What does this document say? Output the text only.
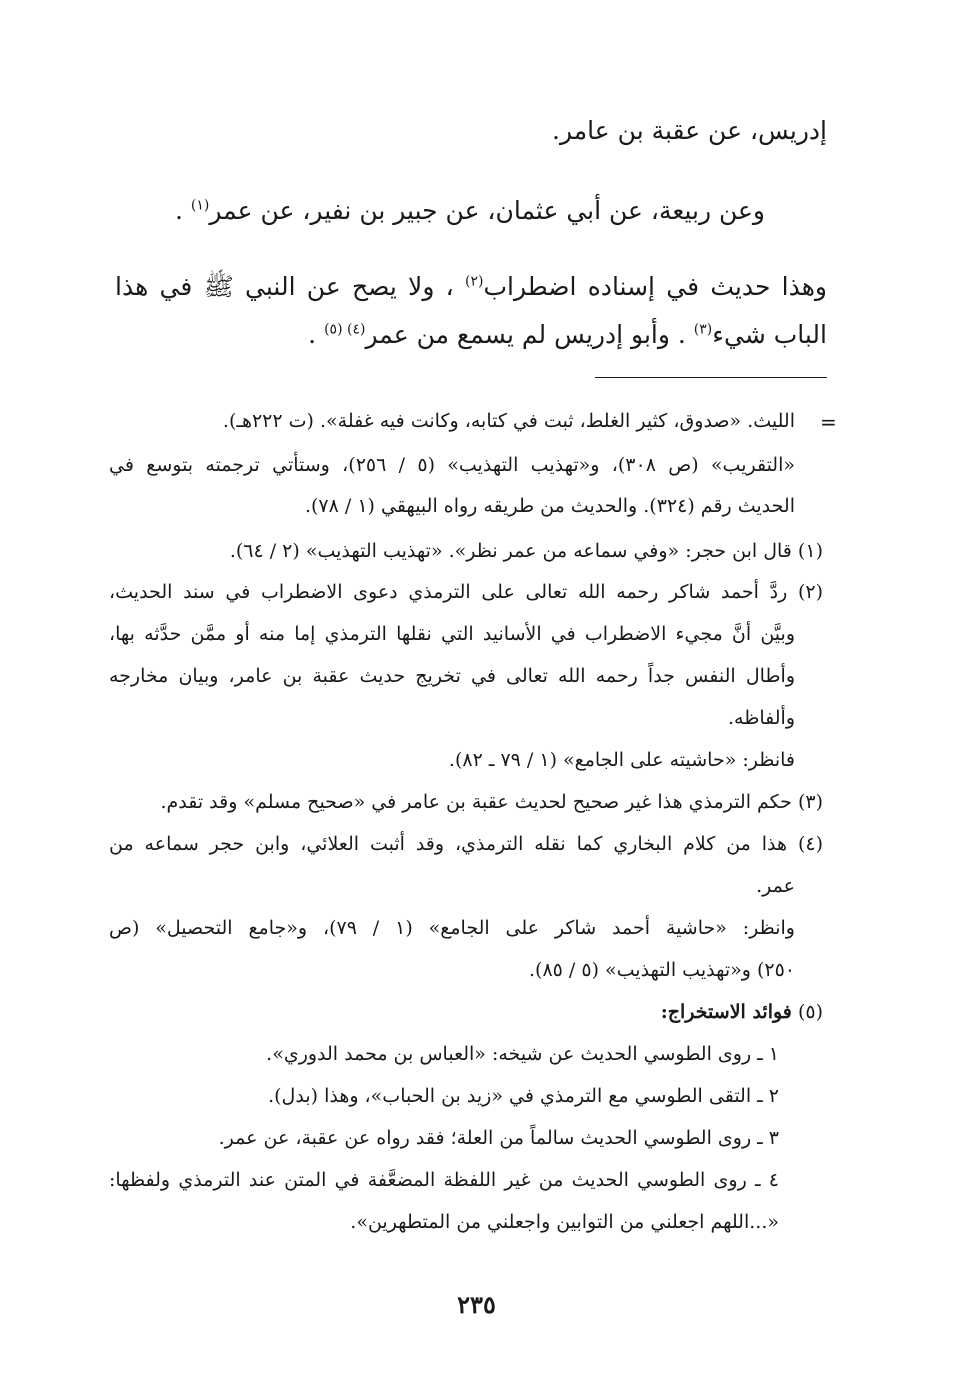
إدريس، عن عقبة بن عامر.
وعن ربيعة، عن أبي عثمان، عن جبير بن نفير، عن عمر$^{(١)}$ .
وهذا حديث في إسناده اضطراب$^{(٢)}$ ، ولا يصح عن النبي ﷺ في هذا
الباب شيء$^{(٣)}$ . وأبو إدريس لم يسمع من عمر$^{(٤) (٥)}$ .
=
الليث. «صدوق، كثير الغلط، ثبت في كتابه، وكانت فيه غفلة». (ت ٢٢٢هـ).
«التقريب» (ص ٣٠٨)، و«تهذيب التهذيب» (٥ / ٢٥٦)، وستأتي ترجمته بتوسع في
الحديث رقم (٣٢٤). والحديث من طريقه رواه البيهقي (١ / ٧٨).
(١) قال ابن حجر: «وفي سماعه من عمر نظر». «تهذيب التهذيب» (٢ / ٦٤).
(٢) ردَّ أحمد شاكر رحمه الله تعالى على الترمذي دعوى الاضطراب في سند الحديث،
وبيَّن أنَّ مجيء الاضطراب في الأسانيد التي نقلها الترمذي إما منه أو ممَّن حدَّثه بها،
وأطال النفس جداً رحمه الله تعالى في تخريج حديث عقبة بن عامر، وبيان مخارجه
وألفاظه.
فانظر: «حاشيته على الجامع» (١ / ٧٩ ـ ٨٢).
(٣) حكم الترمذي هذا غير صحيح لحديث عقبة بن عامر في «صحيح مسلم» وقد تقدم.
(٤) هذا من كلام البخاري كما نقله الترمذي، وقد أثبت العلائي، وابن حجر سماعه من
عمر.
وانظر: «حاشية أحمد شاكر على الجامع» (١ / ٧٩)، و«جامع التحصيل» (ص
٢٥٠) و«تهذيب التهذيب» (٥ / ٨٥).
(٥) فوائد الاستخراج:
١ ـ روى الطوسي الحديث عن شيخه: «العباس بن محمد الدوري».
٢ ـ التقى الطوسي مع الترمذي في «زيد بن الحباب»، وهذا (بدل).
٣ ـ روى الطوسي الحديث سالماً من العلة؛ فقد رواه عن عقبة، عن عمر.
٤ ـ روى الطوسي الحديث من غير اللفظة المضعَّفة في المتن عند الترمذي ولفظها:
«...اللهم اجعلني من التوابين واجعلني من المتطهرين».
٢٣٥
